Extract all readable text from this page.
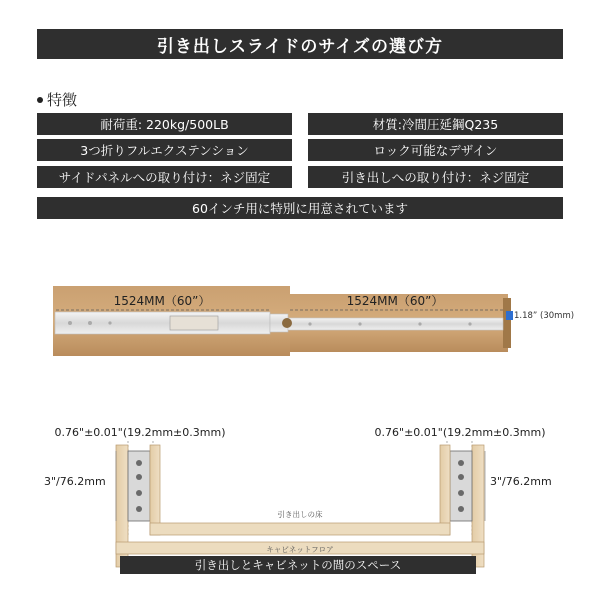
引き出しスライドのサイズの選び方
特徴
耐荷重: 220kg/500LB	材質:冷間圧延鋼Q235
3つ折りフルエクステンション	ロック可能なデザイン
サイドパネルへの取り付け：ネジ固定	引き出しへの取り付け：ネジ固定
60インチ用に特別に用意されています
1524MM（60”）	1524MM（60”）
1.18” (30mm)
0.76"±0.01"(19.2mm±0.3mm)	0.76"±0.01"(19.2mm±0.3mm)
引き出しの床
キャビネットフロア
3"/76.2mm	3"/76.2mm
引き出しとキャビネットの間のスペース
